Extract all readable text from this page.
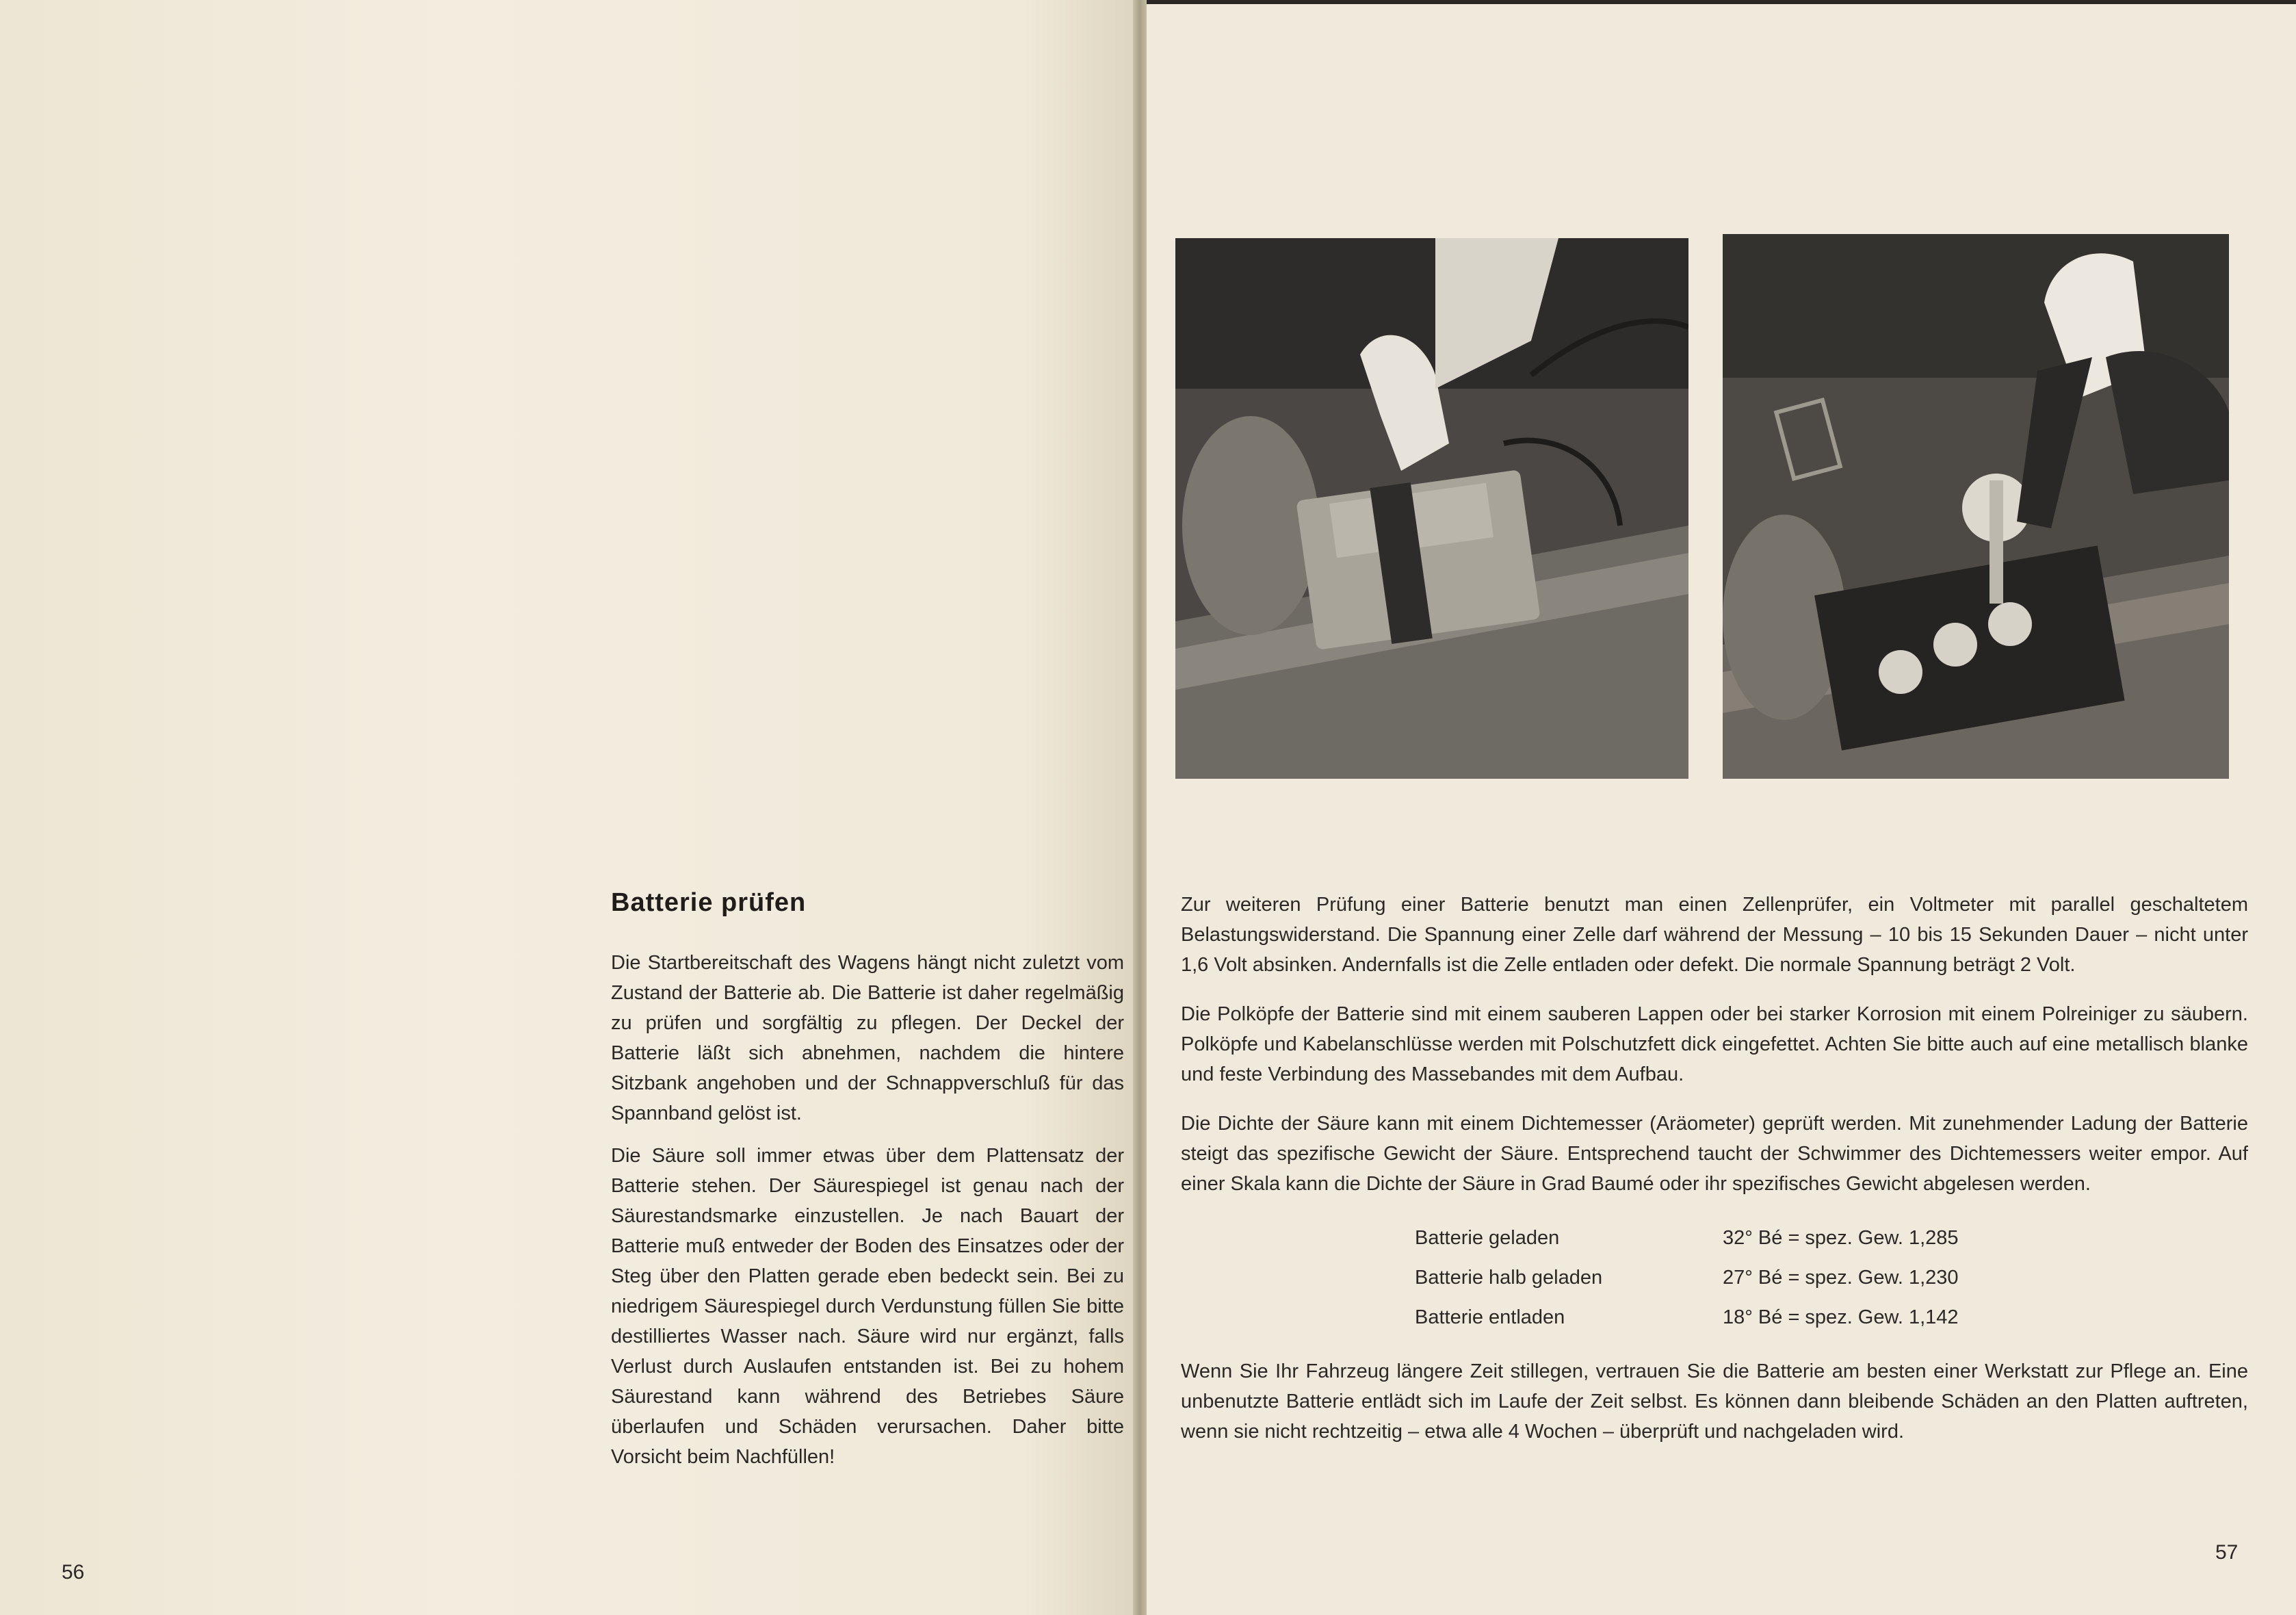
Batterie prüfen

Die Startbereitschaft des Wagens hängt nicht zuletzt vom Zustand der Batterie ab. Die Batterie ist daher regelmäßig zu prüfen und sorgfältig zu pflegen. Der Deckel der Batterie läßt sich abnehmen, nachdem die hintere Sitzbank angehoben und der Schnappverschluß für das Spannband gelöst ist.

Die Säure soll immer etwas über dem Plattensatz der Batterie stehen. Der Säurespiegel ist genau nach der Säurestandsmarke einzustellen. Je nach Bauart der Batterie muß entweder der Boden des Einsatzes oder der Steg über den Platten gerade eben bedeckt sein. Bei zu niedrigem Säurespiegel durch Verdunstung füllen Sie bitte destilliertes Wasser nach. Säure wird nur ergänzt, falls Verlust durch Auslaufen entstanden ist. Bei zu hohem Säurestand kann während des Betriebes Säure überlaufen und Schäden verursachen. Daher bitte Vorsicht beim Nachfüllen!

56

Zur weiteren Prüfung einer Batterie benutzt man einen Zellenprüfer, ein Voltmeter mit parallel geschaltetem Belastungswiderstand. Die Spannung einer Zelle darf während der Messung – 10 bis 15 Sekunden Dauer – nicht unter 1,6 Volt absinken. Andernfalls ist die Zelle entladen oder defekt. Die normale Spannung beträgt 2 Volt.

Die Polköpfe der Batterie sind mit einem sauberen Lappen oder bei starker Korrosion mit einem Polreiniger zu säubern. Polköpfe und Kabelanschlüsse werden mit Polschutzfett dick eingefettet. Achten Sie bitte auch auf eine metallisch blanke und feste Verbindung des Massebandes mit dem Aufbau.

Die Dichte der Säure kann mit einem Dichtemesser (Aräometer) geprüft werden. Mit zunehmender Ladung der Batterie steigt das spezifische Gewicht der Säure. Entsprechend taucht der Schwimmer des Dichtemessers weiter empor. Auf einer Skala kann die Dichte der Säure in Grad Baumé oder ihr spezifisches Gewicht abgelesen werden.

Batterie geladen	32° Bé = spez. Gew. 1,285
Batterie halb geladen	27° Bé = spez. Gew. 1,230
Batterie entladen	18° Bé = spez. Gew. 1,142

Wenn Sie Ihr Fahrzeug längere Zeit stillegen, vertrauen Sie die Batterie am besten einer Werkstatt zur Pflege an. Eine unbenutzte Batterie entlädt sich im Laufe der Zeit selbst. Es können dann bleibende Schäden an den Platten auftreten, wenn sie nicht rechtzeitig – etwa alle 4 Wochen – überprüft und nachgeladen wird.

57
